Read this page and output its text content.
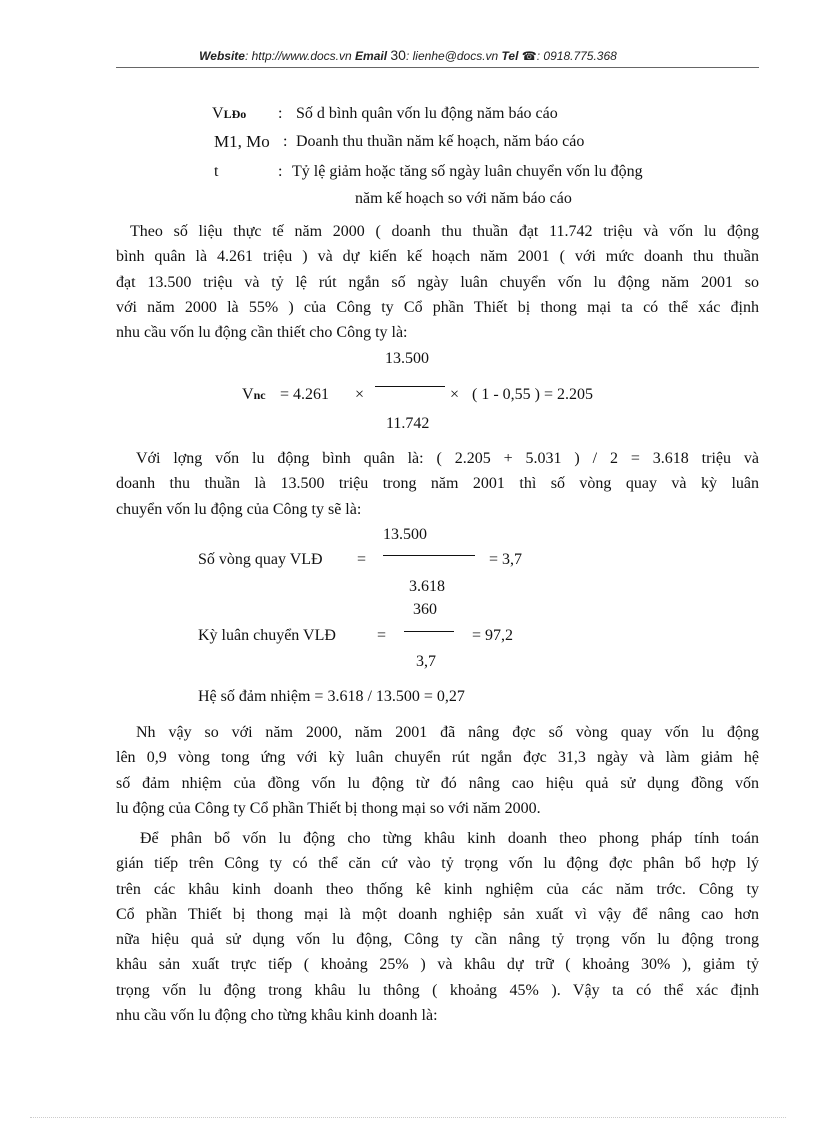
Website: http://www.docs.vn Email 30: lienhe@docs.vn Tel ☎: 0918.775.368
VLĐo : Số d bình quân vốn lu động năm báo cáo
M1, Mo : Doanh thu thuần năm kế hoạch, năm báo cáo
t	: Tỷ lệ giảm hoặc tăng số ngày luân chuyển vốn lu động
năm kế hoạch so với năm báo cáo
Theo số liệu thực tế năm 2000 ( doanh thu thuần đạt 11.742 triệu và vốn lu động
bình quân là 4.261 triệu ) và dự kiến kế hoạch năm 2001 ( với mức doanh thu thuần
đạt 13.500 triệu và tỷ lệ rút ngắn số ngày luân chuyển vốn lu động năm 2001 so
với năm 2000 là 55% ) của Công ty Cổ phần Thiết bị thong mại ta có thể xác định
nhu cầu vốn lu động cần thiết cho Công ty là:
13.500
Vnc = 4.261 ×	× ( 1 - 0,55 ) = 2.205
11.742
Với lợng vốn lu động bình quân là: ( 2.205 + 5.031 ) / 2 = 3.618 triệu và
doanh thu thuần là 13.500 triệu trong năm 2001 thì số vòng quay và kỳ luân
chuyển vốn lu động của Công ty sẽ là:
13.500
Số vòng quay VLĐ =	= 3,7
3.618
360
Kỳ luân chuyển VLĐ	=	= 97,2
3,7
Hệ số đảm nhiệm = 3.618 / 13.500 = 0,27
Nh vậy so với năm 2000, năm 2001 đã nâng đợc số vòng quay vốn lu động
lên 0,9 vòng tong ứng với kỳ luân chuyển rút ngắn đợc 31,3 ngày và làm giảm hệ
số đảm nhiệm của đồng vốn lu động từ đó nâng cao hiệu quả sử dụng đồng vốn
lu động của Công ty Cổ phần Thiết bị thong mại so với năm 2000.
Để phân bổ vốn lu động cho từng khâu kinh doanh theo phong pháp tính toán
gián tiếp trên Công ty có thể căn cứ vào tỷ trọng vốn lu động đợc phân bổ hợp lý
trên các khâu kinh doanh theo thống kê kinh nghiệm của các năm trớc. Công ty
Cổ phần Thiết bị thong mại là một doanh nghiệp sản xuất vì vậy để nâng cao hơn
nữa hiệu quả sử dụng vốn lu động, Công ty cần nâng tỷ trọng vốn lu động trong
khâu sản xuất trực tiếp ( khoảng 25% ) và khâu dự trữ ( khoảng 30% ), giảm tỷ
trọng vốn lu động trong khâu lu thông ( khoảng 45% ). Vậy ta có thể xác định
nhu cầu vốn lu động cho từng khâu kinh doanh là:
